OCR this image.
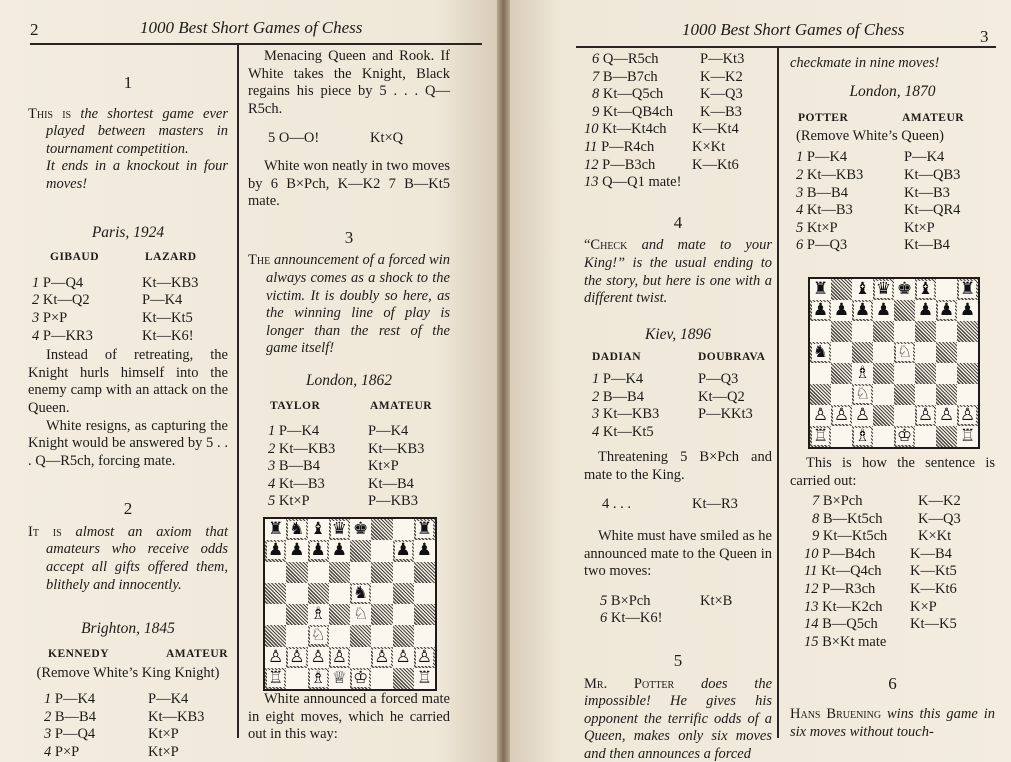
2	1000 Best Short Games of Chess

1

This is the shortest game ever played between masters in tournament competition.

It ends in a knockout in four moves!

Paris, 1924

GIBAUD	LAZARD
1 P—Q4	Kt—KB3
2 Kt—Q2	P—K4
3 P×P	Kt—Kt5
4 P—KR3	Kt—K6!

Instead of retreating, the Knight hurls himself into the enemy camp with an attack on the Queen.

White resigns, as capturing the Knight would be answered by 5 . . . Q—R5ch, forcing mate.

2

It is almost an axiom that amateurs who receive odds accept all gifts offered them, blithely and innocently.

Brighton, 1845

KENNEDY	AMATEUR

(Remove White’s King Knight)

1 P—K4	P—K4
2 B—B4	Kt—KB3
3 P—Q4	Kt×P
4 P×P	Kt×P

Menacing Queen and Rook. If White takes the Knight, Black regains his piece by 5 . . . Q—R5ch.

5 O—O!	Kt×Q

White won neatly in two moves by 6 B×Pch, K—K2 7 B—Kt5 mate.

3

The announcement of a forced win always comes as a shock to the victim. It is doubly so here, as the winning line of play is longer than the rest of the game itself!

London, 1862

TAYLOR	AMATEUR
1 P—K4	P—K4
2 Kt—KB3	Kt—KB3
3 B—B4	Kt×P
4 Kt—B3	Kt—B4
5 Kt×P	P—KB3

White announced a forced mate in eight moves, which he carried out in this way:

♜ ♞ ♝ ♛ ♚	♜
♟ ♟ ♟ ♟	♟ ♟
♞
♗ ♘
♘
♙ ♙ ♙ ♙ ♙ ♙ ♙
♖ ♗ ♕ ♔	♖
1000 Best Short Games of Chess	3
6 Q—R5ch	P—Kt3
7 B—B7ch	K—K2
8 Kt—Q5ch	K—Q3
9 Kt—QB4ch	K—B3
10 Kt—Kt4ch	K—Kt4
11 P—R4ch	K×Kt
12 P—B3ch	K—Kt6
13 Q—Q1 mate!

4

“Check and mate to your King!” is the usual ending to the story, but here is one with a different twist.

Kiev, 1896

DADIAN	DOUBRAVA
1 P—K4	P—Q3
2 B—B4	Kt—Q2
3 Kt—KB3	P—KKt3
4 Kt—Kt5

Threatening 5 B×Pch and mate to the King.

4 . . .	Kt—R3

White must have smiled as he announced mate to the Queen in two moves:

5 B×Pch	Kt×B
6 Kt—K6!

5

Mr. Potter does the impossible! He gives his opponent the terrific odds of a Queen, makes only six moves and then announces a forced

checkmate in nine moves!

London, 1870

POTTER	AMATEUR

(Remove White’s Queen)

1 P—K4	P—K4
2 Kt—KB3	Kt—QB3
3 B—B4	Kt—B3
4 Kt—B3	Kt—QR4
5 Kt×P	Kt×P
6 P—Q3	Kt—B4

This is how the sentence is carried out:

7 B×Pch	K—K2
8 B—Kt5ch	K—Q3
9 Kt—Kt5ch	K×Kt
10 P—B4ch	K—B4
11 Kt—Q4ch	K—Kt5
12 P—R3ch	K—Kt6
13 Kt—K2ch	K×P
14 B—Q5ch	Kt—K5
15 B×Kt mate

6

Hans Bruening wins this game in six moves without touch-

♜ ♝ ♛ ♚ ♝ ♜
♟ ♟ ♟ ♟ ♟ ♟ ♟
♞	♘
♗
♘
♙ ♙ ♙	♙ ♙ ♙
♖ ♗ ♔	♖
